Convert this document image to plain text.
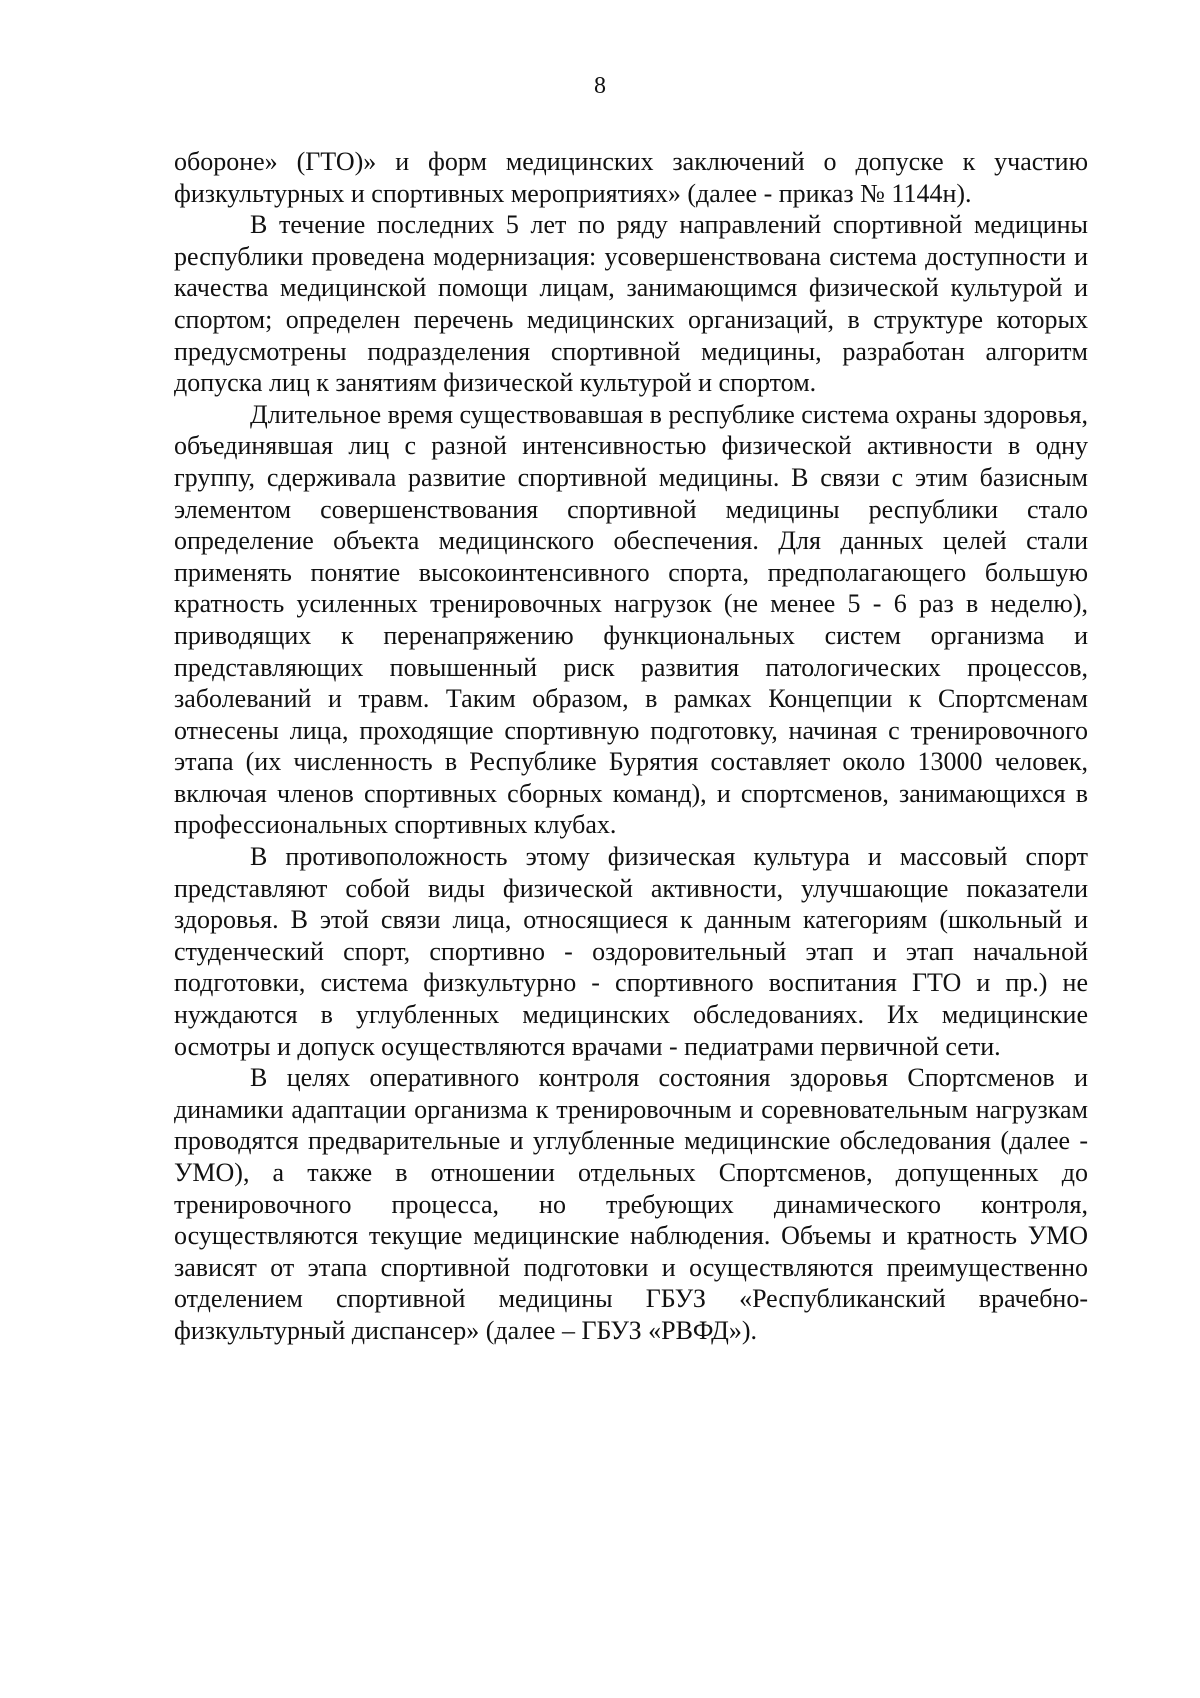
8

обороне» (ГТО)» и форм медицинских заключений о допуске к участию физкультурных и спортивных мероприятиях» (далее - приказ № 1144н).

В течение последних 5 лет по ряду направлений спортивной медицины республики проведена модернизация: усовершенствована система доступности и качества медицинской помощи лицам, занимающимся физической культурой и спортом; определен перечень медицинских организаций, в структуре которых предусмотрены подразделения спортивной медицины, разработан алгоритм допуска лиц к занятиям физической культурой и спортом.

Длительное время существовавшая в республике система охраны здоровья, объединявшая лиц с разной интенсивностью физической активности в одну группу, сдерживала развитие спортивной медицины. В связи с этим базисным элементом совершенствования спортивной медицины республики стало определение объекта медицинского обеспечения. Для данных целей стали применять понятие высокоинтенсивного спорта, предполагающего большую кратность усиленных тренировочных нагрузок (не менее 5 - 6 раз в неделю), приводящих к перенапряжению функциональных систем организма и представляющих повышенный риск развития патологических процессов, заболеваний и травм. Таким образом, в рамках Концепции к Спортсменам отнесены лица, проходящие спортивную подготовку, начиная с тренировочного этапа (их численность в Республике Бурятия составляет около 13000 человек, включая членов спортивных сборных команд), и спортсменов, занимающихся в профессиональных спортивных клубах.

В противоположность этому физическая культура и массовый спорт представляют собой виды физической активности, улучшающие показатели здоровья. В этой связи лица, относящиеся к данным категориям (школьный и студенческий спорт, спортивно - оздоровительный этап и этап начальной подготовки, система физкультурно - спортивного воспитания ГТО и пр.) не нуждаются в углубленных медицинских обследованиях. Их медицинские осмотры и допуск осуществляются врачами - педиатрами первичной сети.

В целях оперативного контроля состояния здоровья Спортсменов и динамики адаптации организма к тренировочным и соревновательным нагрузкам проводятся предварительные и углубленные медицинские обследования (далее - УМО), а также в отношении отдельных Спортсменов, допущенных до тренировочного процесса, но требующих динамического контроля, осуществляются текущие медицинские наблюдения. Объемы и кратность УМО зависят от этапа спортивной подготовки и осуществляются преимущественно отделением спортивной медицины ГБУЗ «Республиканский врачебно-физкультурный диспансер» (далее – ГБУЗ «РВФД»).
